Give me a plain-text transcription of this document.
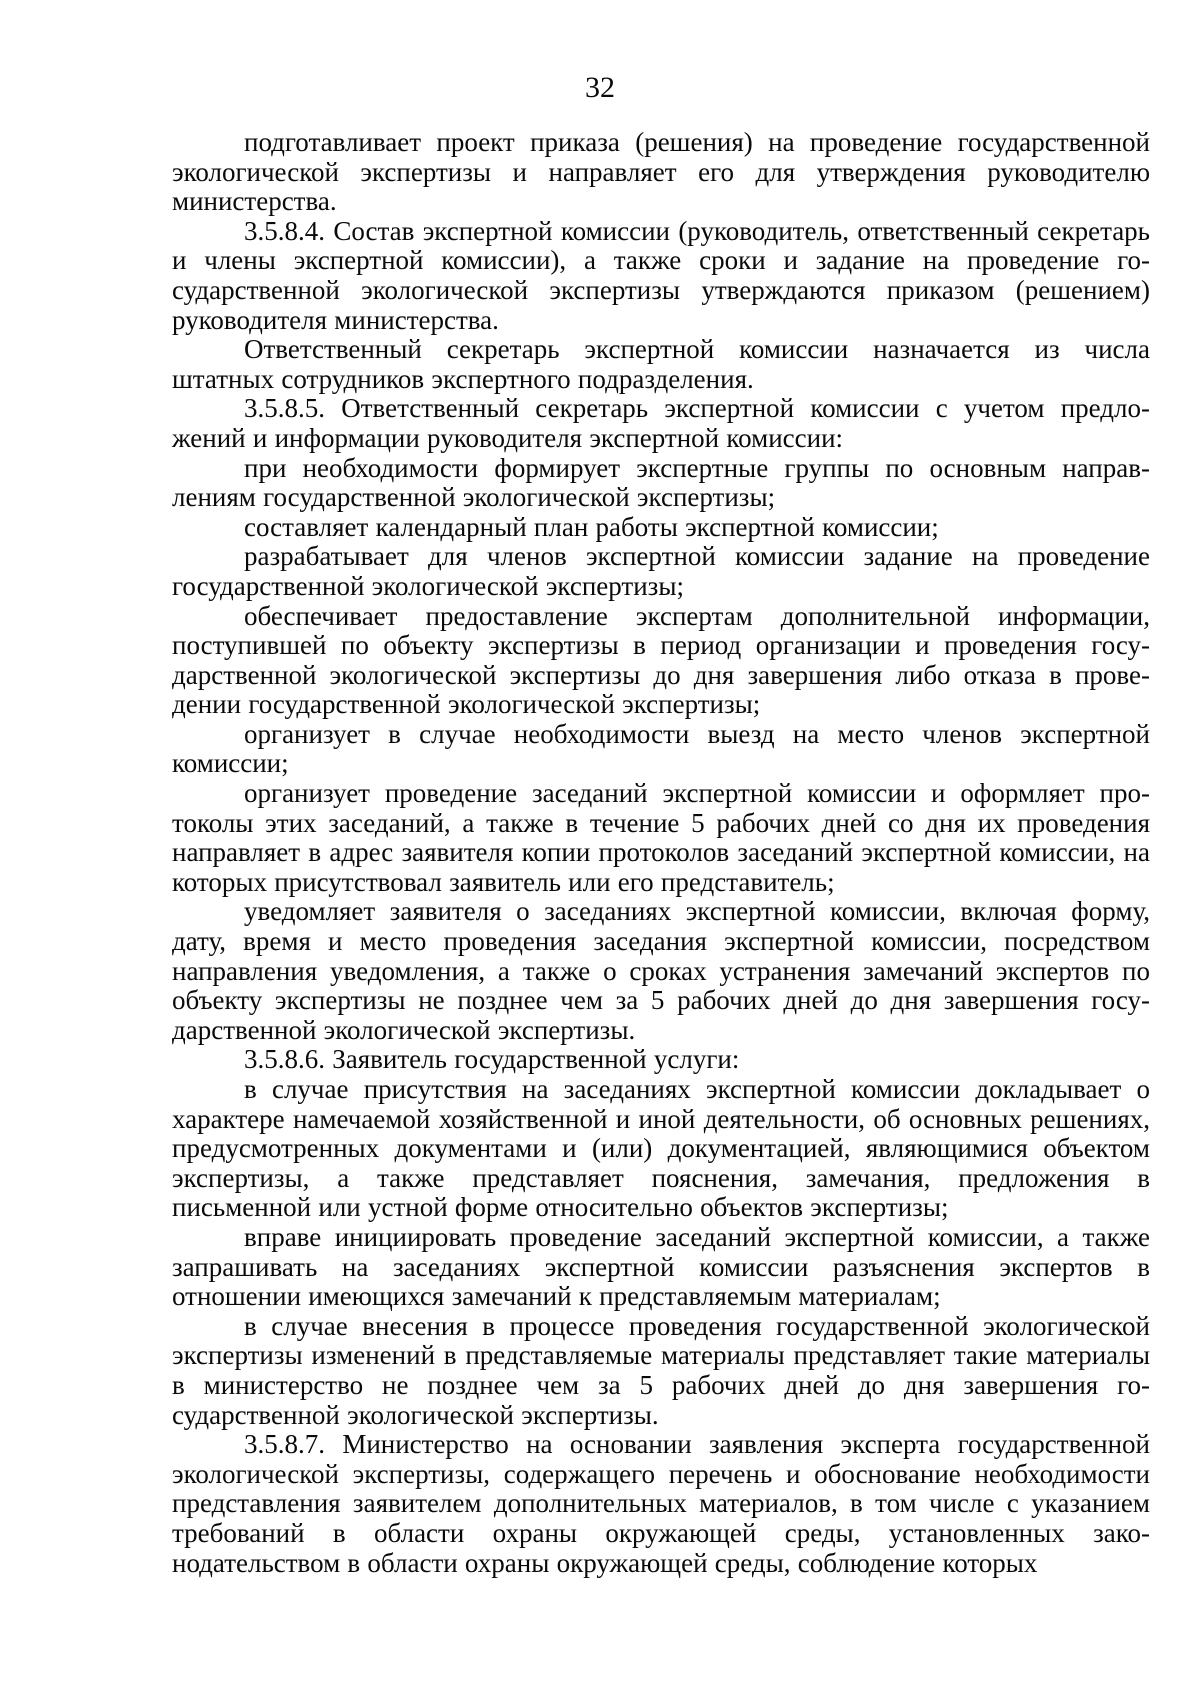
32

подготавливает проект приказа (решения) на проведение государственной экологической экспертизы и направляет его для утверждения руководителю министерства.

3.5.8.4. Состав экспертной комиссии (руководитель, ответственный секретарь и члены экспертной комиссии), а также сроки и задание на проведение государственной экологической экспертизы утверждаются приказом (решением) руководителя министерства.

Ответственный секретарь экспертной комиссии назначается из числа штатных сотрудников экспертного подразделения.

3.5.8.5. Ответственный секретарь экспертной комиссии с учетом предложений и информации руководителя экспертной комиссии:

при необходимости формирует экспертные группы по основным направлениям государственной экологической экспертизы;

составляет календарный план работы экспертной комиссии;

разрабатывает для членов экспертной комиссии задание на проведение государственной экологической экспертизы;

обеспечивает предоставление экспертам дополнительной информации, поступившей по объекту экспертизы в период организации и проведения государственной экологической экспертизы до дня завершения либо отказа в проведении государственной экологической экспертизы;

организует в случае необходимости выезд на место членов экспертной комиссии;

организует проведение заседаний экспертной комиссии и оформляет протоколы этих заседаний, а также в течение 5 рабочих дней со дня их проведения направляет в адрес заявителя копии протоколов заседаний экспертной комиссии, на которых присутствовал заявитель или его представитель;

уведомляет заявителя о заседаниях экспертной комиссии, включая форму, дату, время и место проведения заседания экспертной комиссии, посредством направления уведомления, а также о сроках устранения замечаний экспертов по объекту экспертизы не позднее чем за 5 рабочих дней до дня завершения государственной экологической экспертизы.

3.5.8.6. Заявитель государственной услуги:

в случае присутствия на заседаниях экспертной комиссии докладывает о характере намечаемой хозяйственной и иной деятельности, об основных решениях, предусмотренных документами и (или) документацией, являющимися объектом экспертизы, а также представляет пояснения, замечания, предложения в письменной или устной форме относительно объектов экспертизы;

вправе инициировать проведение заседаний экспертной комиссии, а также запрашивать на заседаниях экспертной комиссии разъяснения экспертов в отношении имеющихся замечаний к представляемым материалам;

в случае внесения в процессе проведения государственной экологической экспертизы изменений в представляемые материалы представляет такие материалы в министерство не позднее чем за 5 рабочих дней до дня завершения государственной экологической экспертизы.

3.5.8.7. Министерство на основании заявления эксперта государственной экологической экспертизы, содержащего перечень и обоснование необходимости представления заявителем дополнительных материалов, в том числе с указанием требований в области охраны окружающей среды, установленных законодательством в области охраны окружающей среды, соблюдение которых
